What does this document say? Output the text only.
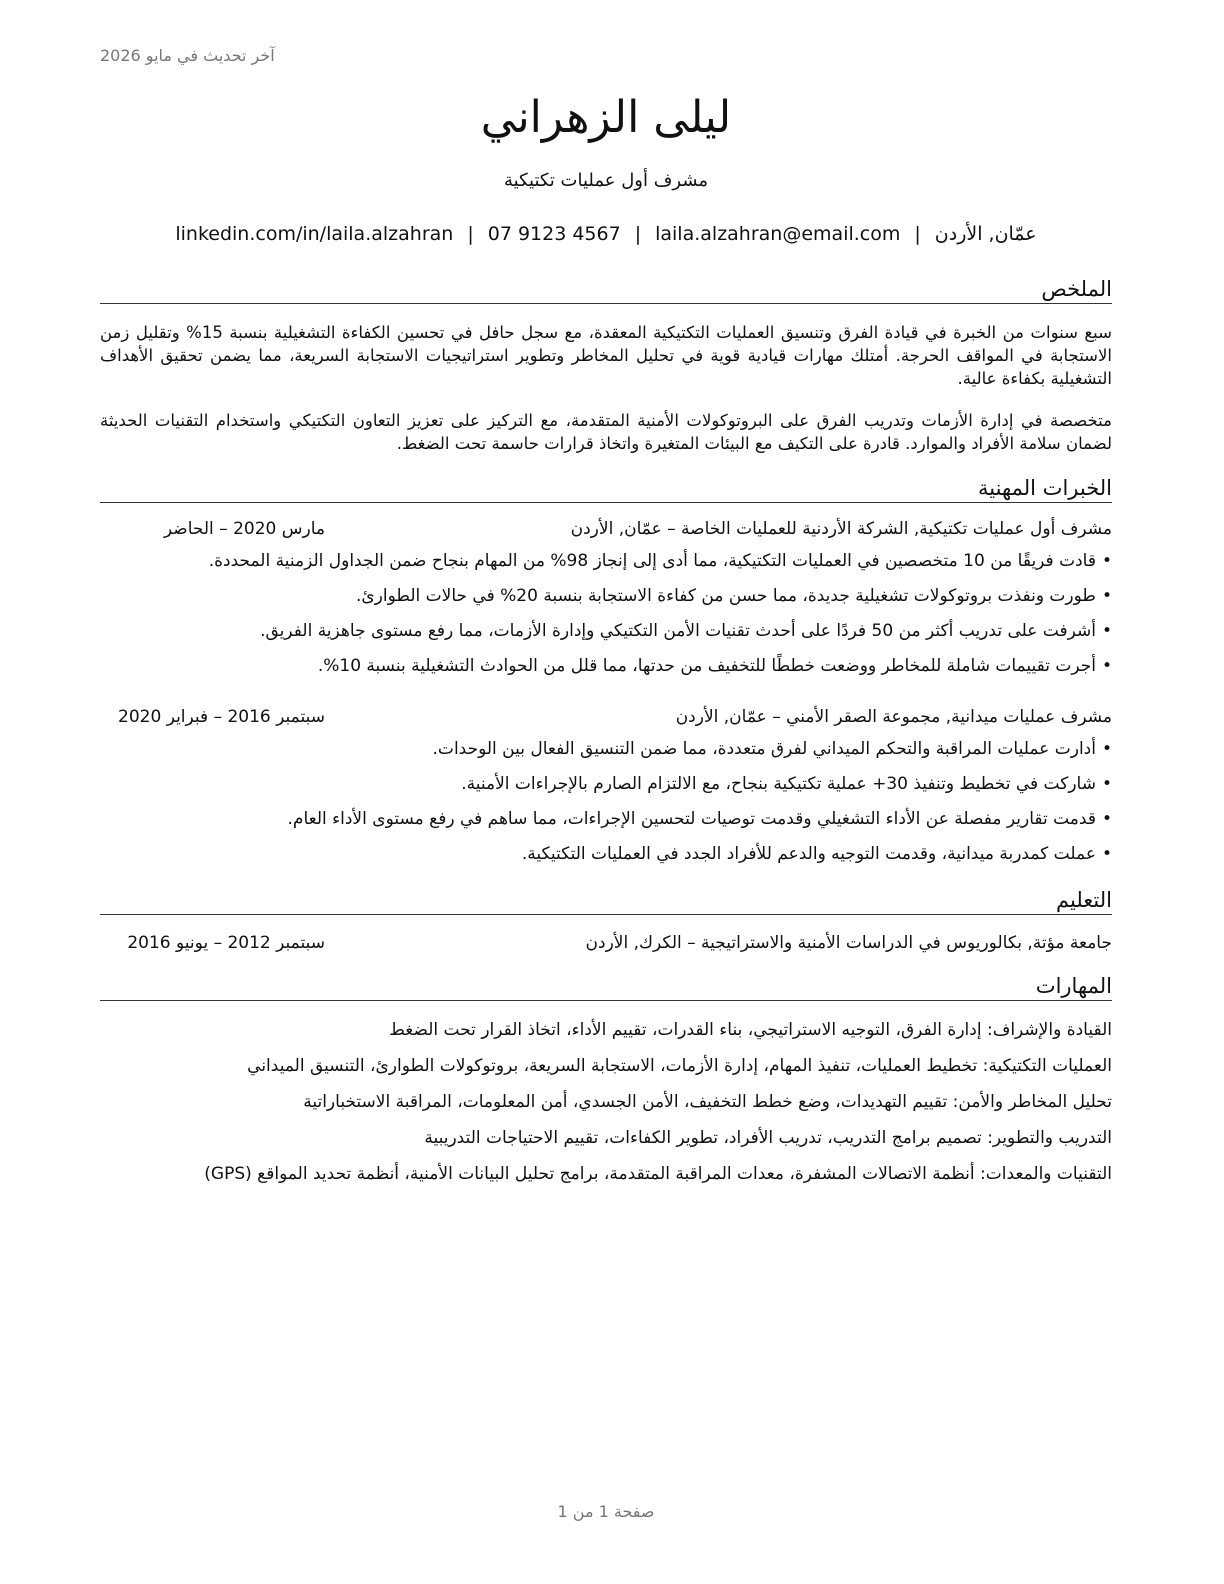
آخر تحديث في مايو 2026
ليلى الزهراني
مشرف أول عمليات تكتيكية
عمّان, الأردن|laila.alzahran@email.com|07 9123 4567|linkedin.com/in/laila.alzahran
الملخص

سبع سنوات من الخبرة في قيادة الفرق وتنسيق العمليات التكتيكية المعقدة، مع سجل حافل في تحسين الكفاءة التشغيلية بنسبة 15% وتقليل زمن الاستجابة في المواقف الحرجة. أمتلك مهارات قيادية قوية في تحليل المخاطر وتطوير استراتيجيات الاستجابة السريعة، مما يضمن تحقيق الأهداف التشغيلية بكفاءة عالية.

متخصصة في إدارة الأزمات وتدريب الفرق على البروتوكولات الأمنية المتقدمة، مع التركيز على تعزيز التعاون التكتيكي واستخدام التقنيات الحديثة لضمان سلامة الأفراد والموارد. قادرة على التكيف مع البيئات المتغيرة واتخاذ قرارات حاسمة تحت الضغط.

الخبرات المهنية
مشرف أول عمليات تكتيكية, الشركة الأردنية للعمليات الخاصة – عمّان, الأردن
مارس 2020 – الحاضر
• قادت فريقًا من 10 متخصصين في العمليات التكتيكية، مما أدى إلى إنجاز 98% من المهام بنجاح ضمن الجداول الزمنية المحددة.
• طورت ونفذت بروتوكولات تشغيلية جديدة، مما حسن من كفاءة الاستجابة بنسبة 20% في حالات الطوارئ.
• أشرفت على تدريب أكثر من 50 فردًا على أحدث تقنيات الأمن التكتيكي وإدارة الأزمات، مما رفع مستوى جاهزية الفريق.
• أجرت تقييمات شاملة للمخاطر ووضعت خططًا للتخفيف من حدتها، مما قلل من الحوادث التشغيلية بنسبة 10%.
مشرف عمليات ميدانية, مجموعة الصقر الأمني – عمّان, الأردن
سبتمبر 2016 – فبراير 2020
• أدارت عمليات المراقبة والتحكم الميداني لفرق متعددة، مما ضمن التنسيق الفعال بين الوحدات.
• شاركت في تخطيط وتنفيذ 30+ عملية تكتيكية بنجاح، مع الالتزام الصارم بالإجراءات الأمنية.
• قدمت تقارير مفصلة عن الأداء التشغيلي وقدمت توصيات لتحسين الإجراءات، مما ساهم في رفع مستوى الأداء العام.
• عملت كمدربة ميدانية، وقدمت التوجيه والدعم للأفراد الجدد في العمليات التكتيكية.
التعليم
جامعة مؤتة, بكالوريوس في الدراسات الأمنية والاستراتيجية – الكرك, الأردن
سبتمبر 2012 – يونيو 2016
المهارات
القيادة والإشراف: إدارة الفرق، التوجيه الاستراتيجي، بناء القدرات، تقييم الأداء، اتخاذ القرار تحت الضغط
العمليات التكتيكية: تخطيط العمليات، تنفيذ المهام، إدارة الأزمات، الاستجابة السريعة، بروتوكولات الطوارئ، التنسيق الميداني
تحليل المخاطر والأمن: تقييم التهديدات، وضع خطط التخفيف، الأمن الجسدي، أمن المعلومات، المراقبة الاستخباراتية
التدريب والتطوير: تصميم برامج التدريب، تدريب الأفراد، تطوير الكفاءات، تقييم الاحتياجات التدريبية
التقنيات والمعدات: أنظمة الاتصالات المشفرة، معدات المراقبة المتقدمة، برامج تحليل البيانات الأمنية، أنظمة تحديد المواقع (GPS)
صفحة 1 من 1
